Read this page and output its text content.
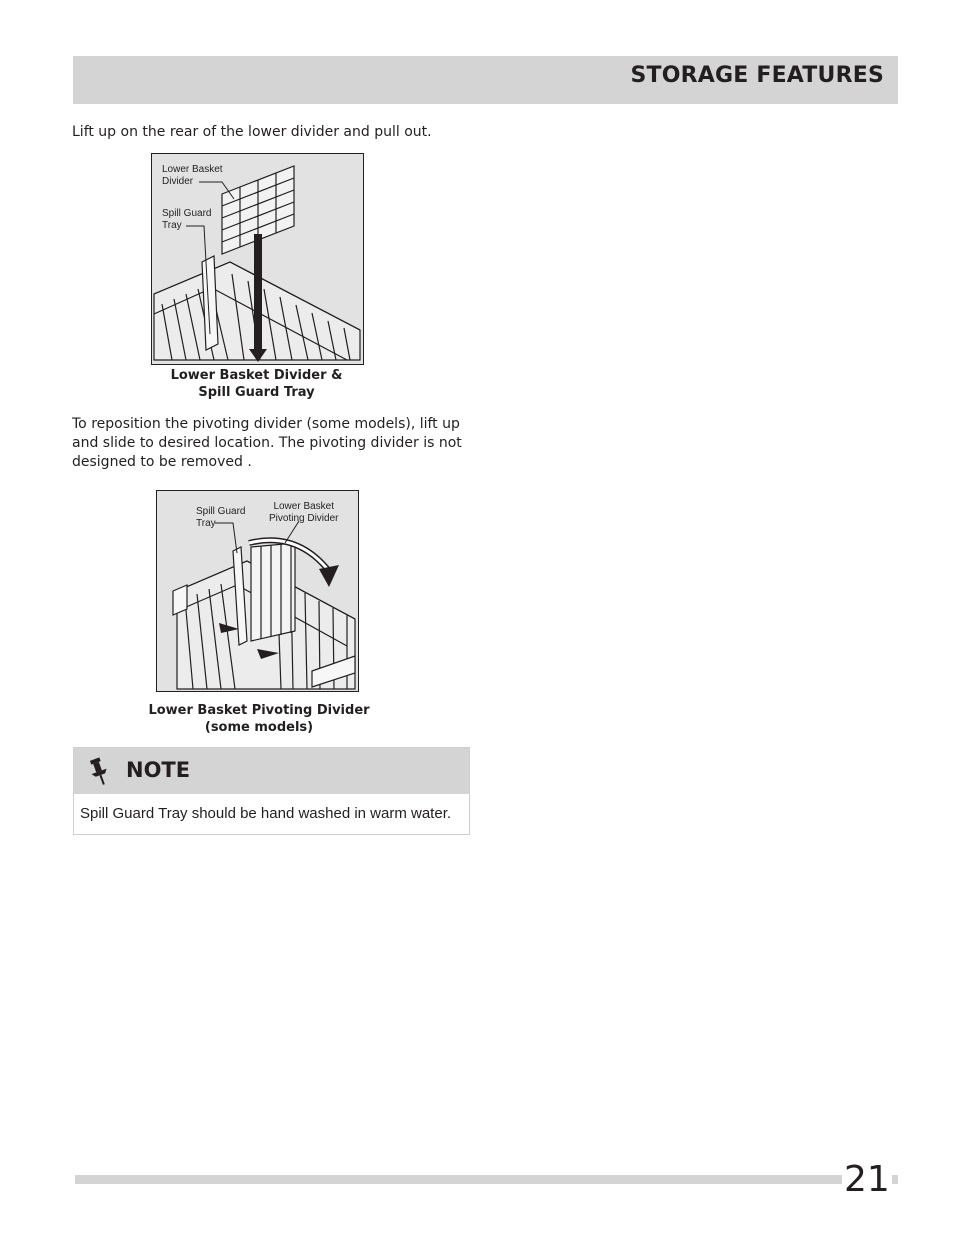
STORAGE FEATURES
Lift up on the rear of the lower divider and pull out.
Lower Basket
Divider
Spill Guard
Tray
Lower Basket Divider &
Spill Guard Tray
To reposition the pivoting divider (some models), lift up
and slide to desired location. The pivoting divider is not
designed to be removed .
Spill Guard
Tray
Lower Basket
Pivoting Divider
Lower Basket Pivoting Divider
(some models)
NOTE
Spill Guard Tray should be hand washed in warm water.
21
